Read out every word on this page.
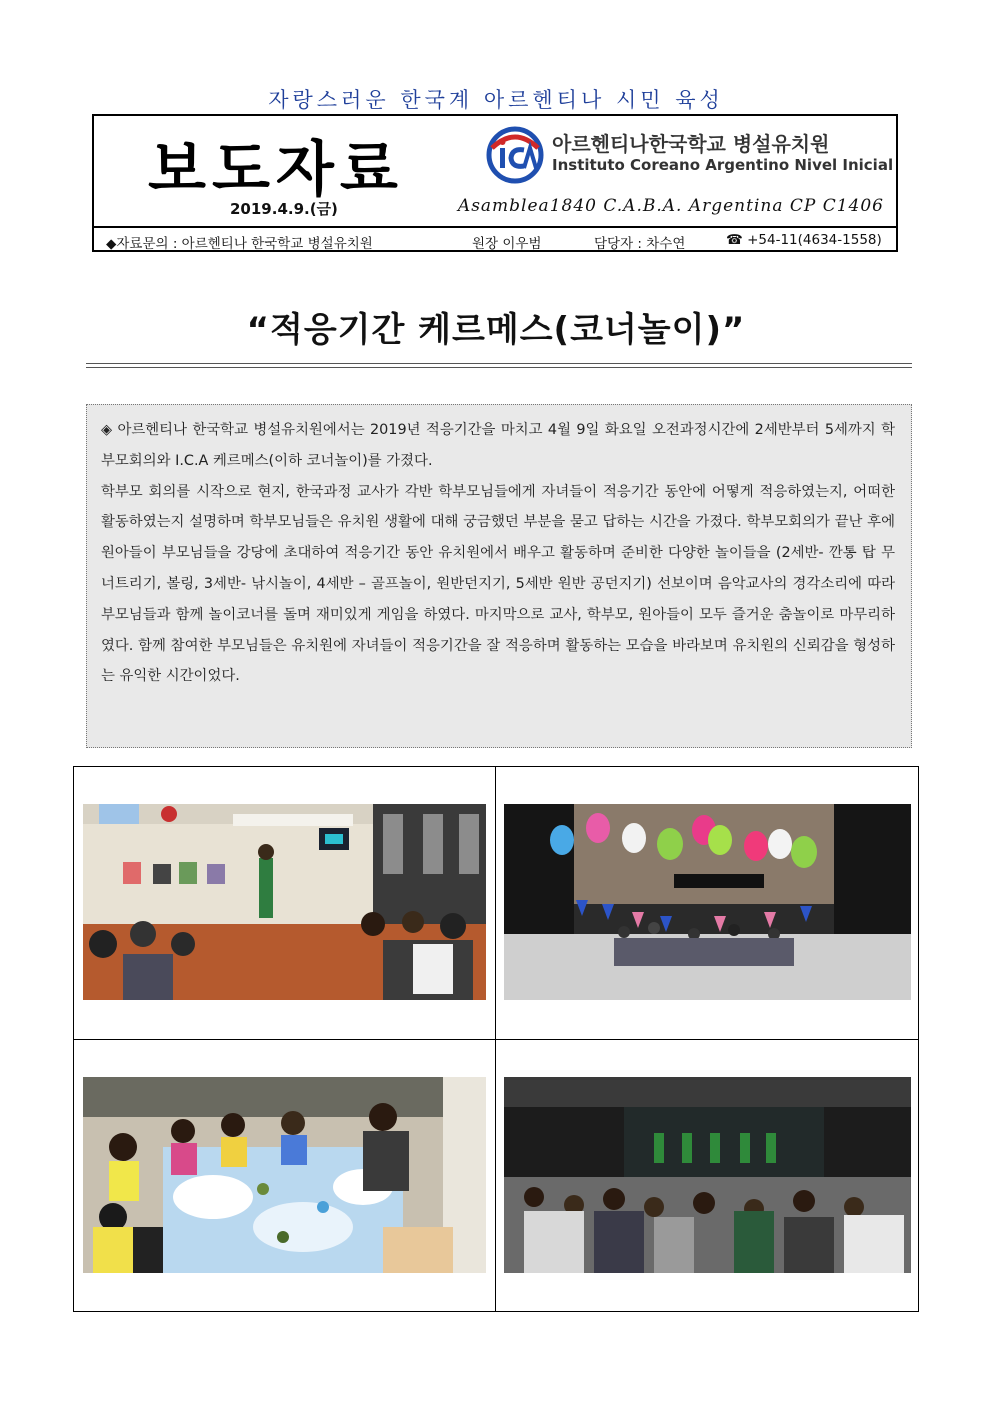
자랑스러운 한국계 아르헨티나 시민 육성
보도자료
2019.4.9.(금)
아르헨티나한국학교 병설유치원
Instituto Coreano Argentino Nivel Inicial
Asamblea1840 C.A.B.A. Argentina CP C1406
◆자료문의 : 아르헨티나 한국학교 병설유치원	원장 이우범	담당자 : 차수연	☎ +54-11(4634-1558)
“적응기간 케르메스(코너놀이)”

◈ 아르헨티나 한국학교 병설유치원에서는 2019년 적응기간을 마치고 4월 9일 화요일 오전과정시간에 2세반부터 5세까지 학부모회의와 I.C.A 케르메스(이하 코너놀이)를 가졌다.

학부모 회의를 시작으로 현지, 한국과정 교사가 각반 학부모님들에게 자녀들이 적응기간 동안에 어떻게 적응하였는지, 어떠한 활동하였는지 설명하며 학부모님들은 유치원 생활에 대해 궁금했던 부분을 묻고 답하는 시간을 가졌다. 학부모회의가 끝난 후에 원아들이 부모님들을 강당에 초대하여 적응기간 동안 유치원에서 배우고 활동하며 준비한 다양한 놀이들을 (2세반- 깐통 탑 무너트리기, 볼링, 3세반- 낚시놀이, 4세반 – 골프놀이, 원반던지기, 5세반 원반 공던지기) 선보이며 음악교사의 경각소리에 따라 부모님들과 함께 놀이코너를 돌며 재미있게 게임을 하였다. 마지막으로 교사, 학부모, 원아들이 모두 즐거운 춤놀이로 마무리하였다. 함께 참여한 부모님들은 유치원에 자녀들이 적응기간을 잘 적응하며 활동하는 모습을 바라보며 유치원의 신뢰감을 형성하는 유익한 시간이었다.
